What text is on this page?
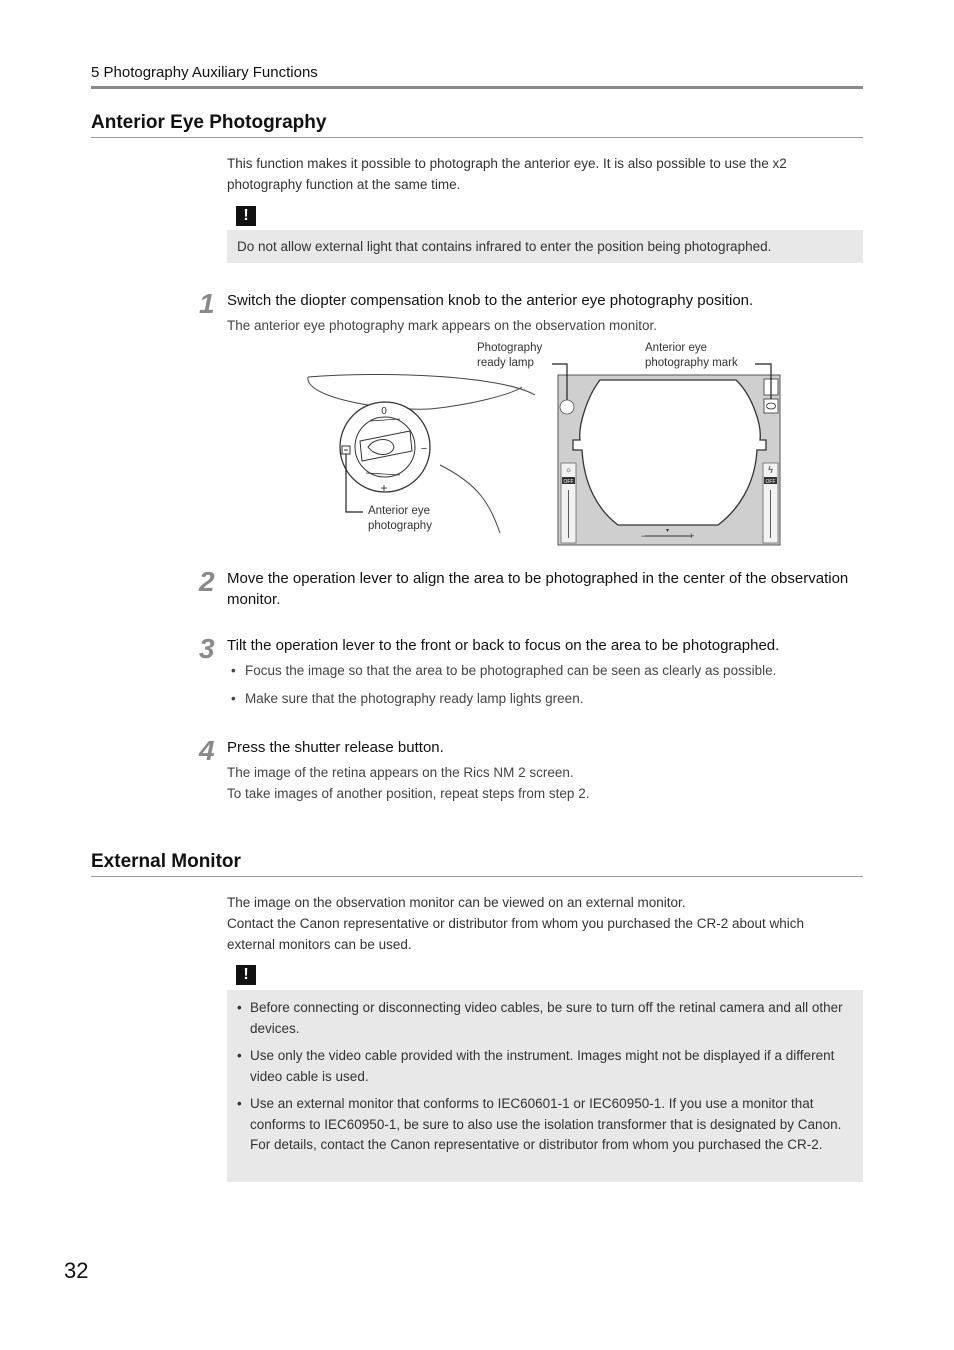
5 Photography Auxiliary Functions
Anterior Eye Photography
This function makes it possible to photograph the anterior eye. It is also possible to use the x2 photography function at the same time.
!
Do not allow external light that contains infrared to enter the position being photographed.
1 Switch the diopter compensation knob to the anterior eye photography position.
The anterior eye photography mark appears on the observation monitor.
0
−
+
Anterior eye
photography
☼
OFF
ϟ
OFF
−	+
▾
Photography
ready lamp
Anterior eye
photography mark
2 Move the operation lever to align the area to be photographed in the center of the observation monitor.
3 Tilt the operation lever to the front or back to focus on the area to be photographed.
• Focus the image so that the area to be photographed can be seen as clearly as possible.
• Make sure that the photography ready lamp lights green.
4 Press the shutter release button.
The image of the retina appears on the Rics NM 2 screen.
To take images of another position, repeat steps from step 2.
External Monitor
The image on the observation monitor can be viewed on an external monitor.
Contact the Canon representative or distributor from whom you purchased the CR-2 about which external monitors can be used.
!
• Before connecting or disconnecting video cables, be sure to turn off the retinal camera and all other devices.
• Use only the video cable provided with the instrument. Images might not be displayed if a different video cable is used.
• Use an external monitor that conforms to IEC60601-1 or IEC60950-1. If you use a monitor that conforms to IEC60950-1, be sure to also use the isolation transformer that is designated by Canon. For details, contact the Canon representative or distributor from whom you purchased the CR-2.
32
